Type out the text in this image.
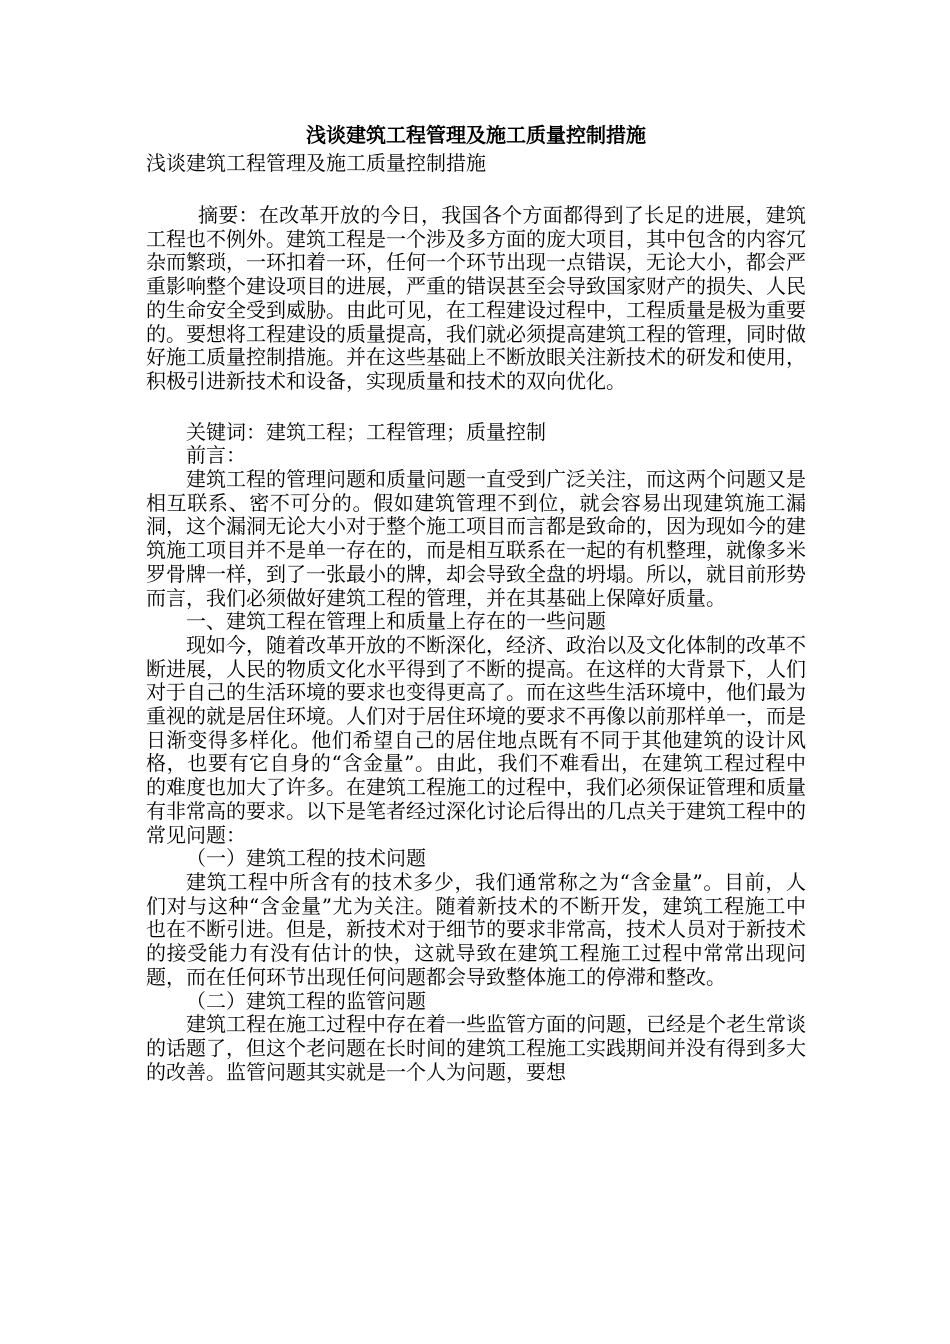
浅谈建筑工程管理及施工质量控制措施

浅谈建筑工程管理及施工质量控制措施

摘要：在改革开放的今日，我国各个方面都得到了长足的进展，建筑工程也不例外。建筑工程是一个涉及多方面的庞大项目，其中包含的内容冗杂而繁琐，一环扣着一环，任何一个环节出现一点错误，无论大小，都会严重影响整个建设项目的进展，严重的错误甚至会导致国家财产的损失、人民的生命安全受到威胁。由此可见，在工程建设过程中，工程质量是极为重要的。要想将工程建设的质量提高，我们就必须提高建筑工程的管理，同时做好施工质量控制措施。并在这些基础上不断放眼关注新技术的研发和使用，积极引进新技术和设备，实现质量和技术的双向优化。

关键词：建筑工程；工程管理；质量控制

前言：

建筑工程的管理问题和质量问题一直受到广泛关注，而这两个问题又是相互联系、密不可分的。假如建筑管理不到位，就会容易出现建筑施工漏洞，这个漏洞无论大小对于整个施工项目而言都是致命的，因为现如今的建筑施工项目并不是单一存在的，而是相互联系在一起的有机整理，就像多米罗骨牌一样，到了一张最小的牌，却会导致全盘的坍塌。所以，就目前形势而言，我们必须做好建筑工程的管理，并在其基础上保障好质量。

一、建筑工程在管理上和质量上存在的一些问题

现如今，随着改革开放的不断深化，经济、政治以及文化体制的改革不断进展，人民的物质文化水平得到了不断的提高。在这样的大背景下，人们对于自己的生活环境的要求也变得更高了。而在这些生活环境中，他们最为重视的就是居住环境。人们对于居住环境的要求不再像以前那样单一，而是日渐变得多样化。他们希望自己的居住地点既有不同于其他建筑的设计风格，也要有它自身的“含金量”。由此，我们不难看出，在建筑工程过程中的难度也加大了许多。在建筑工程施工的过程中，我们必须保证管理和质量有非常高的要求。以下是笔者经过深化讨论后得出的几点关于建筑工程中的常见问题：

（一）建筑工程的技术问题

建筑工程中所含有的技术多少，我们通常称之为“含金量”。目前，人们对与这种“含金量”尤为关注。随着新技术的不断开发，建筑工程施工中也在不断引进。但是，新技术对于细节的要求非常高，技术人员对于新技术的接受能力有没有估计的快，这就导致在建筑工程施工过程中常常出现问题，而在任何环节出现任何问题都会导致整体施工的停滞和整改。

（二）建筑工程的监管问题

建筑工程在施工过程中存在着一些监管方面的问题，已经是个老生常谈的话题了，但这个老问题在长时间的建筑工程施工实践期间并没有得到多大的改善。监管问题其实就是一个人为问题，要想
